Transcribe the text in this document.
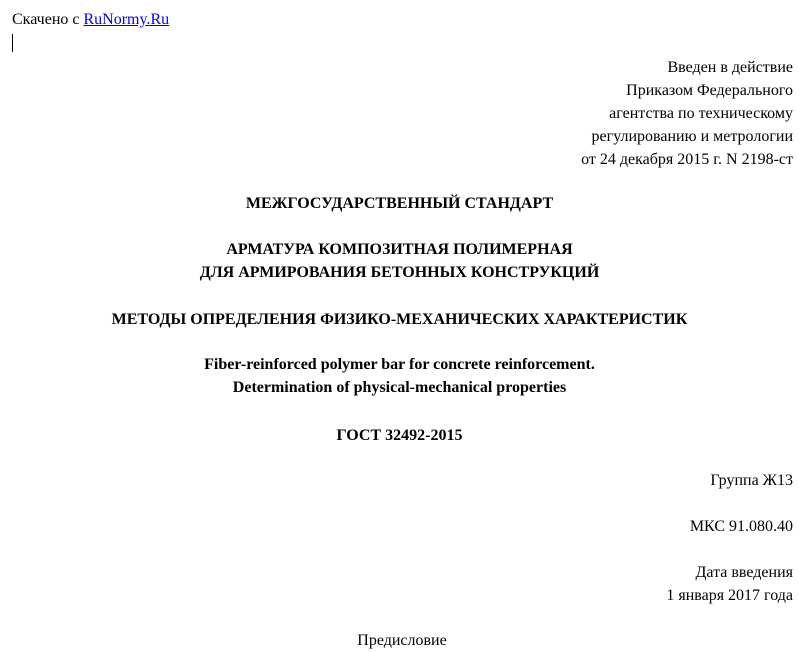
Скачено с RuNormy.Ru
Введен в действие
Приказом Федерального
агентства по техническому
регулированию и метрологии
от 24 декабря 2015 г. N 2198-ст
МЕЖГОСУДАРСТВЕННЫЙ СТАНДАРТ
АРМАТУРА КОМПОЗИТНАЯ ПОЛИМЕРНАЯ
ДЛЯ АРМИРОВАНИЯ БЕТОННЫХ КОНСТРУКЦИЙ
МЕТОДЫ ОПРЕДЕЛЕНИЯ ФИЗИКО-МЕХАНИЧЕСКИХ ХАРАКТЕРИСТИК
Fiber-reinforced polymer bar for concrete reinforcement.
Determination of physical-mechanical properties
ГОСТ 32492-2015
Группа Ж13
МКС 91.080.40
Дата введения
1 января 2017 года
Предисловие
